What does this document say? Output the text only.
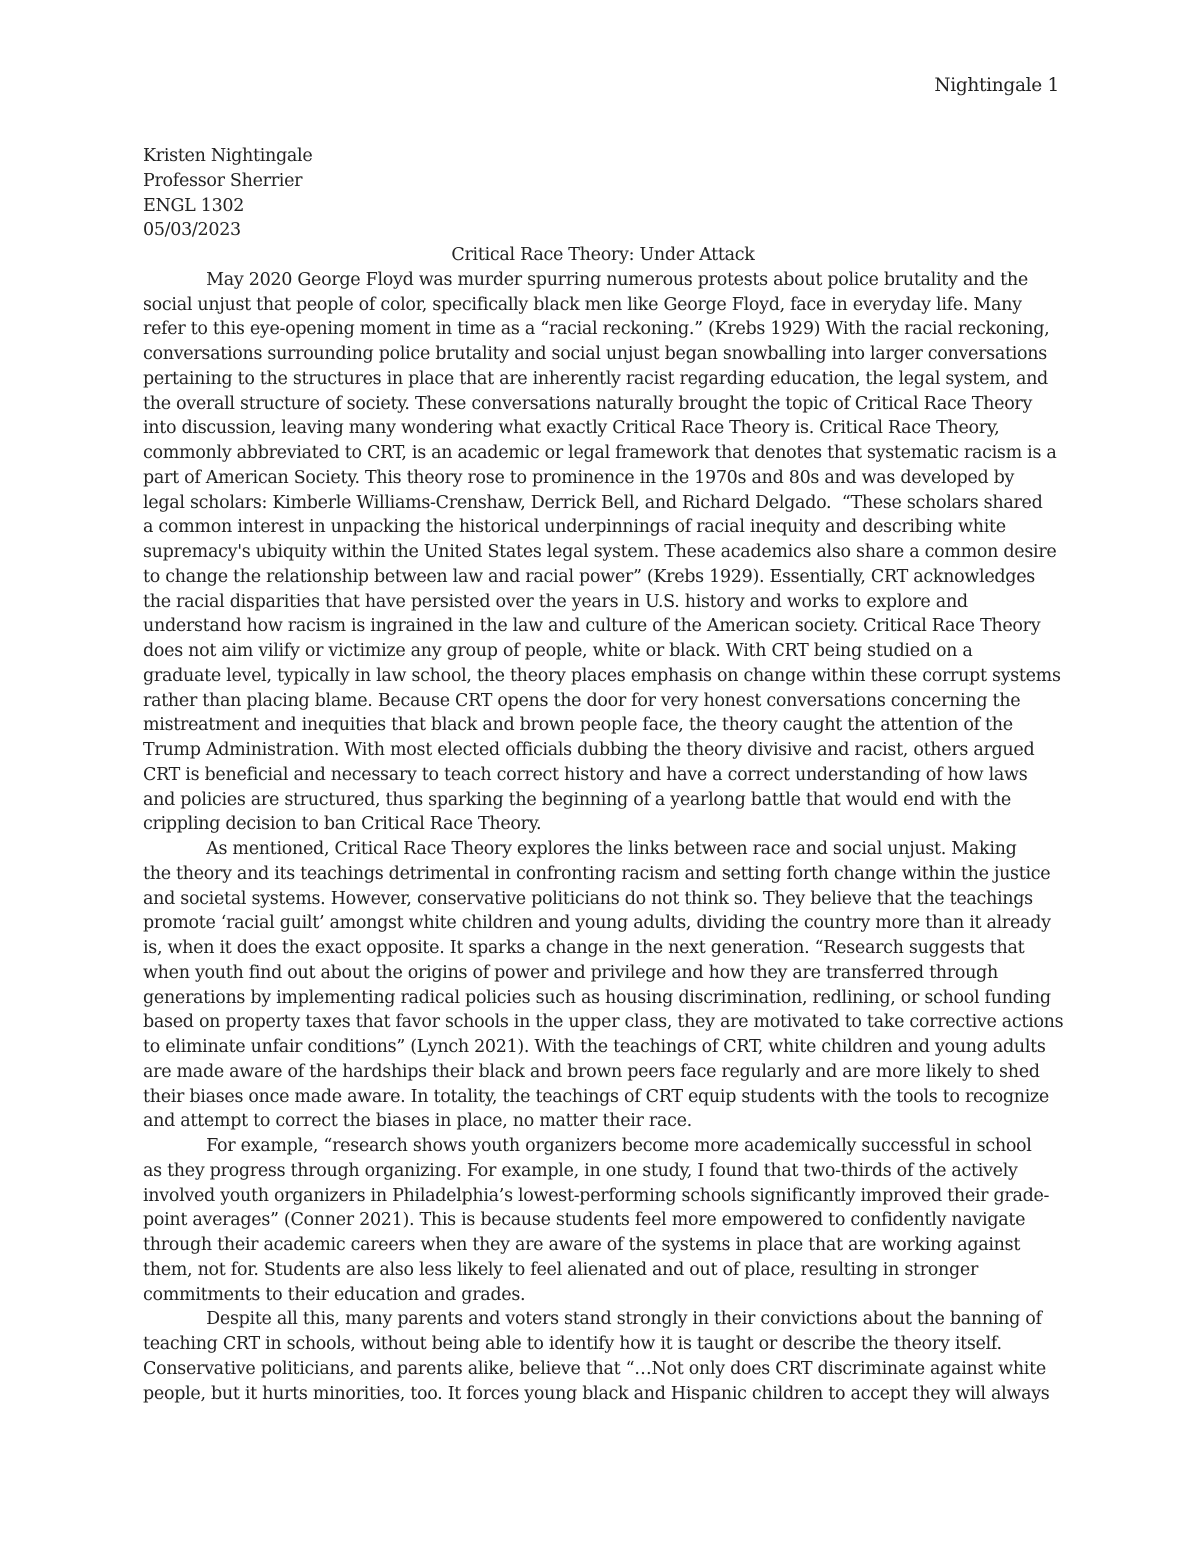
Nightingale 1
Kristen Nightingale
Professor Sherrier
ENGL 1302
05/03/2023
Critical Race Theory: Under Attack
May 2020 George Floyd was murder spurring numerous protests about police brutality and the
social unjust that people of color, specifically black men like George Floyd, face in everyday life. Many
refer to this eye-opening moment in time as a “racial reckoning.” (Krebs 1929) With the racial reckoning,
conversations surrounding police brutality and social unjust began snowballing into larger conversations
pertaining to the structures in place that are inherently racist regarding education, the legal system, and
the overall structure of society. These conversations naturally brought the topic of Critical Race Theory
into discussion, leaving many wondering what exactly Critical Race Theory is. Critical Race Theory,
commonly abbreviated to CRT, is an academic or legal framework that denotes that systematic racism is a
part of American Society. This theory rose to prominence in the 1970s and 80s and was developed by
legal scholars: Kimberle Williams-Crenshaw, Derrick Bell, and Richard Delgado.  “These scholars shared
a common interest in unpacking the historical underpinnings of racial inequity and describing white
supremacy's ubiquity within the United States legal system. These academics also share a common desire
to change the relationship between law and racial power” (Krebs 1929). Essentially, CRT acknowledges
the racial disparities that have persisted over the years in U.S. history and works to explore and
understand how racism is ingrained in the law and culture of the American society. Critical Race Theory
does not aim vilify or victimize any group of people, white or black. With CRT being studied on a
graduate level, typically in law school, the theory places emphasis on change within these corrupt systems
rather than placing blame. Because CRT opens the door for very honest conversations concerning the
mistreatment and inequities that black and brown people face, the theory caught the attention of the
Trump Administration. With most elected officials dubbing the theory divisive and racist, others argued
CRT is beneficial and necessary to teach correct history and have a correct understanding of how laws
and policies are structured, thus sparking the beginning of a yearlong battle that would end with the
crippling decision to ban Critical Race Theory.
As mentioned, Critical Race Theory explores the links between race and social unjust. Making
the theory and its teachings detrimental in confronting racism and setting forth change within the justice
and societal systems. However, conservative politicians do not think so. They believe that the teachings
promote ‘racial guilt’ amongst white children and young adults, dividing the country more than it already
is, when it does the exact opposite. It sparks a change in the next generation. “Research suggests that
when youth find out about the origins of power and privilege and how they are transferred through
generations by implementing radical policies such as housing discrimination, redlining, or school funding
based on property taxes that favor schools in the upper class, they are motivated to take corrective actions
to eliminate unfair conditions” (Lynch 2021). With the teachings of CRT, white children and young adults
are made aware of the hardships their black and brown peers face regularly and are more likely to shed
their biases once made aware. In totality, the teachings of CRT equip students with the tools to recognize
and attempt to correct the biases in place, no matter their race.
For example, “research shows youth organizers become more academically successful in school
as they progress through organizing. For example, in one study, I found that two-thirds of the actively
involved youth organizers in Philadelphia’s lowest-performing schools significantly improved their grade-
point averages” (Conner 2021). This is because students feel more empowered to confidently navigate
through their academic careers when they are aware of the systems in place that are working against
them, not for. Students are also less likely to feel alienated and out of place, resulting in stronger
commitments to their education and grades.
Despite all this, many parents and voters stand strongly in their convictions about the banning of
teaching CRT in schools, without being able to identify how it is taught or describe the theory itself.
Conservative politicians, and parents alike, believe that “…Not only does CRT discriminate against white
people, but it hurts minorities, too. It forces young black and Hispanic children to accept they will always
